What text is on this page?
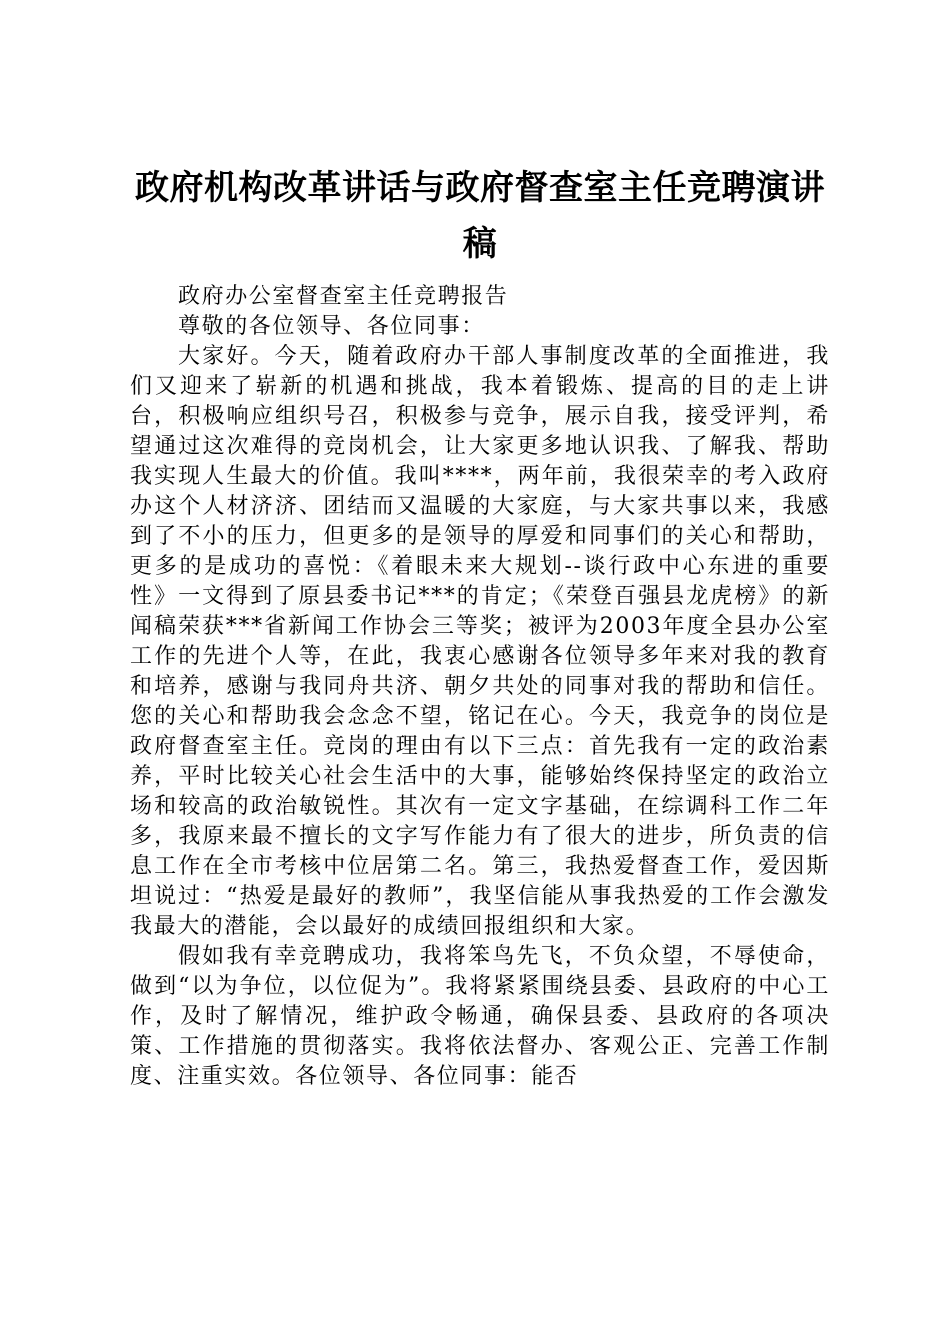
政府机构改革讲话与政府督查室主任竞聘演讲
稿

政府办公室督查室主任竞聘报告

尊敬的各位领导、各位同事：

大家好。今天，随着政府办干部人事制度改革的全面推进，我们又迎来了崭新的机遇和挑战，我本着锻炼、提高的目的走上讲台，积极响应组织号召，积极参与竞争，展示自我，接受评判，希望通过这次难得的竞岗机会，让大家更多地认识我、了解我、帮助我实现人生最大的价值。我叫****，两年前，我很荣幸的考入政府办这个人材济济、团结而又温暖的大家庭，与大家共事以来，我感到了不小的压力，但更多的是领导的厚爱和同事们的关心和帮助，更多的是成功的喜悦：《着眼未来大规划--谈行政中心东进的重要性》一文得到了原县委书记***的肯定；《荣登百强县龙虎榜》的新闻稿荣获***省新闻工作协会三等奖；被评为2003年度全县办公室工作的先进个人等，在此，我衷心感谢各位领导多年来对我的教育和培养，感谢与我同舟共济、朝夕共处的同事对我的帮助和信任。您的关心和帮助我会念念不望，铭记在心。今天，我竞争的岗位是政府督查室主任。竞岗的理由有以下三点：首先我有一定的政治素养，平时比较关心社会生活中的大事，能够始终保持坚定的政治立场和较高的政治敏锐性。其次有一定文字基础，在综调科工作二年多，我原来最不擅长的文字写作能力有了很大的进步，所负责的信息工作在全市考核中位居第二名。第三，我热爱督查工作，爱因斯坦说过：“热爱是最好的教师”，我坚信能从事我热爱的工作会激发我最大的潜能，会以最好的成绩回报组织和大家。

假如我有幸竞聘成功，我将笨鸟先飞，不负众望，不辱使命，做到“以为争位，以位促为”。我将紧紧围绕县委、县政府的中心工作，及时了解情况，维护政令畅通，确保县委、县政府的各项决策、工作措施的贯彻落实。我将依法督办、客观公正、完善工作制度、注重实效。各位领导、各位同事：能否
